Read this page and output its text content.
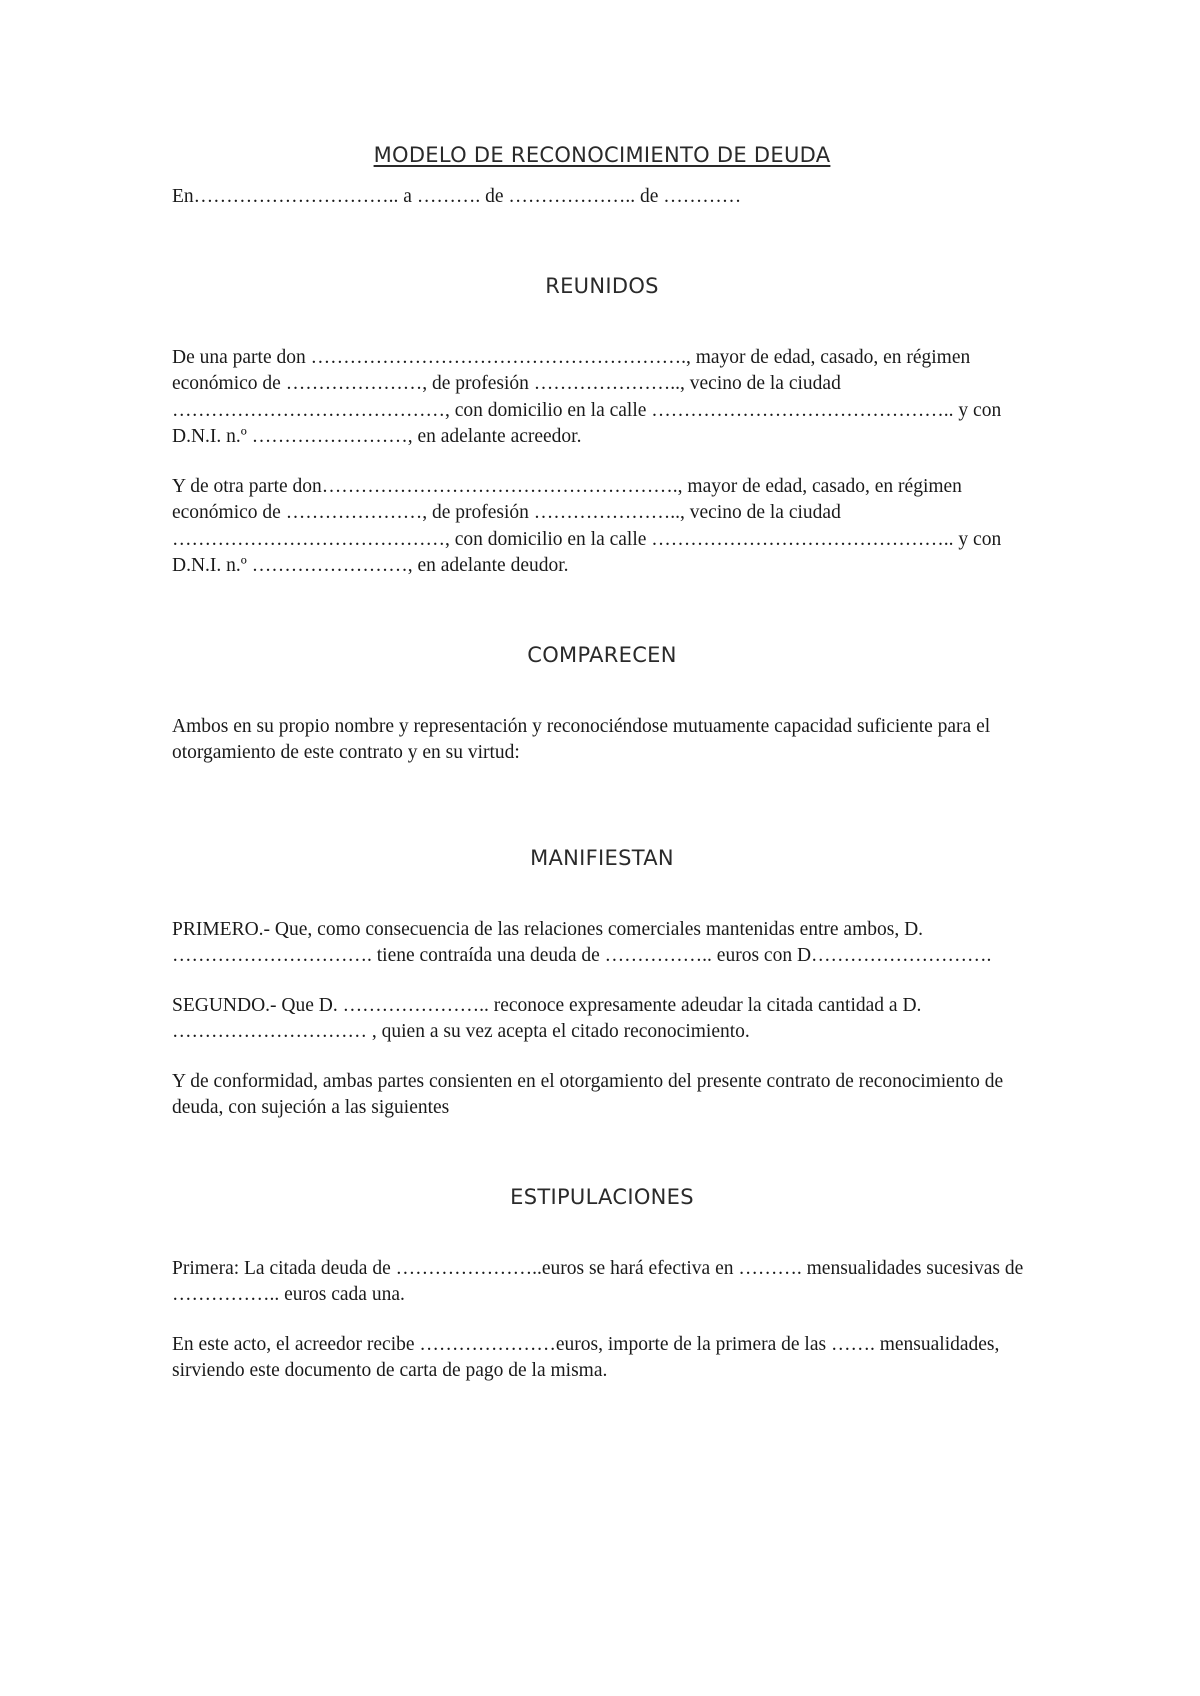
MODELO DE RECONOCIMIENTO DE DEUDA

En………………………….. a ………. de ……………….. de …………

REUNIDOS

De una parte don …………………………………………………., mayor de edad, casado, en régimen económico de …………………, de profesión ………………….., vecino de la ciudad ……………………………………, con domicilio en la calle ……………………………………….. y con D.N.I. n.º ……………………, en adelante acreedor.

Y de otra parte don………………………………………………., mayor de edad, casado, en régimen económico de …………………, de profesión ………………….., vecino de la ciudad ……………………………………, con domicilio en la calle ……………………………………….. y con D.N.I. n.º ……………………, en adelante deudor.

COMPARECEN

Ambos en su propio nombre y representación y reconociéndose mutuamente capacidad suficiente para el otorgamiento de este contrato y en su virtud:

MANIFIESTAN

PRIMERO.- Que, como consecuencia de las relaciones comerciales mantenidas entre ambos, D. …………………………. tiene contraída una deuda de …………….. euros con D……………………….

SEGUNDO.- Que D. ………………….. reconoce expresamente adeudar la citada cantidad a D. ………………………… , quien a su vez acepta el citado reconocimiento.

Y de conformidad, ambas partes consienten en el otorgamiento del presente contrato de reconocimiento de deuda, con sujeción a las siguientes

ESTIPULACIONES

Primera: La citada deuda de …………………..euros se hará efectiva en ………. mensualidades sucesivas de …………….. euros cada una.

En este acto, el acreedor recibe …………………euros, importe de la primera de las ……. mensualidades, sirviendo este documento de carta de pago de la misma.
